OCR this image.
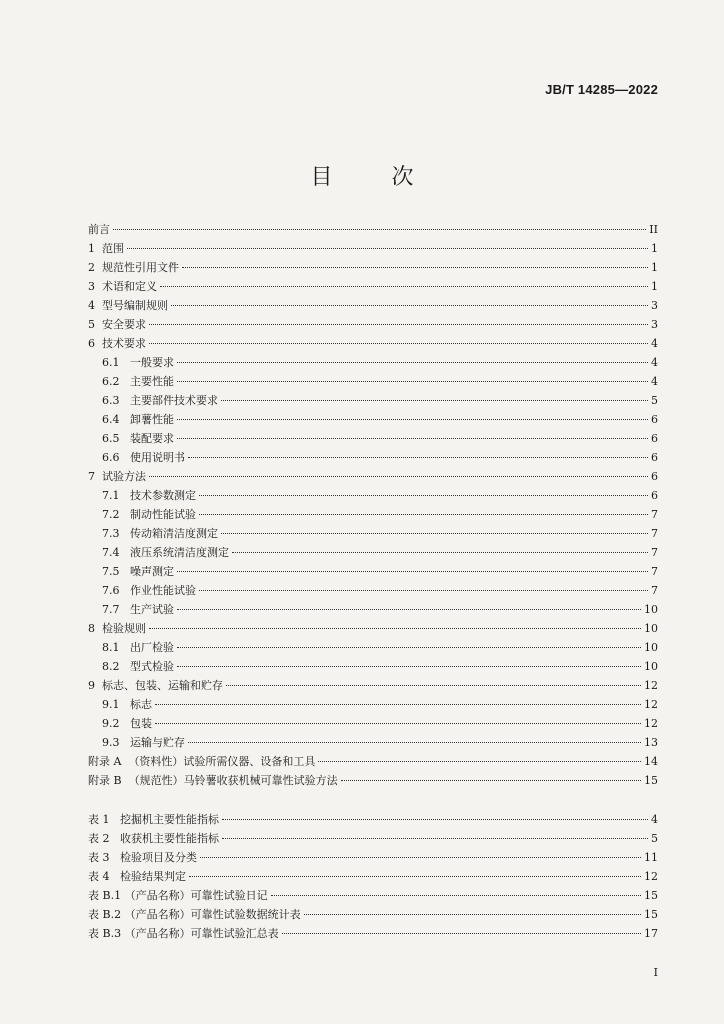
JB/T 14285—2022
目 次
前言	II
1 范围	1
2 规范性引用文件	1
3 术语和定义	1
4 型号编制规则	3
5 安全要求	3
6 技术要求	4
6.1 一般要求	4
6.2 主要性能	4
6.3 主要部件技术要求	5
6.4 卸薯性能	6
6.5 装配要求	6
6.6 使用说明书	6
7 试验方法	6
7.1 技术参数测定	6
7.2 制动性能试验	7
7.3 传动箱清洁度测定	7
7.4 液压系统清洁度测定	7
7.5 噪声测定	7
7.6 作业性能试验	7
7.7 生产试验	10
8 检验规则	10
8.1 出厂检验	10
8.2 型式检验	10
9 标志、包装、运输和贮存	12
9.1 标志	12
9.2 包装	12
9.3 运输与贮存	13
附录 A （资料性）试验所需仪器、设备和工具	14
附录 B （规范性）马铃薯收获机械可靠性试验方法	15
表 1 挖掘机主要性能指标	4
表 2 收获机主要性能指标	5
表 3 检验项目及分类	11
表 4 检验结果判定	12
表 B.1 （产品名称）可靠性试验日记	15
表 B.2 （产品名称）可靠性试验数据统计表	15
表 B.3 （产品名称）可靠性试验汇总表	17
I
